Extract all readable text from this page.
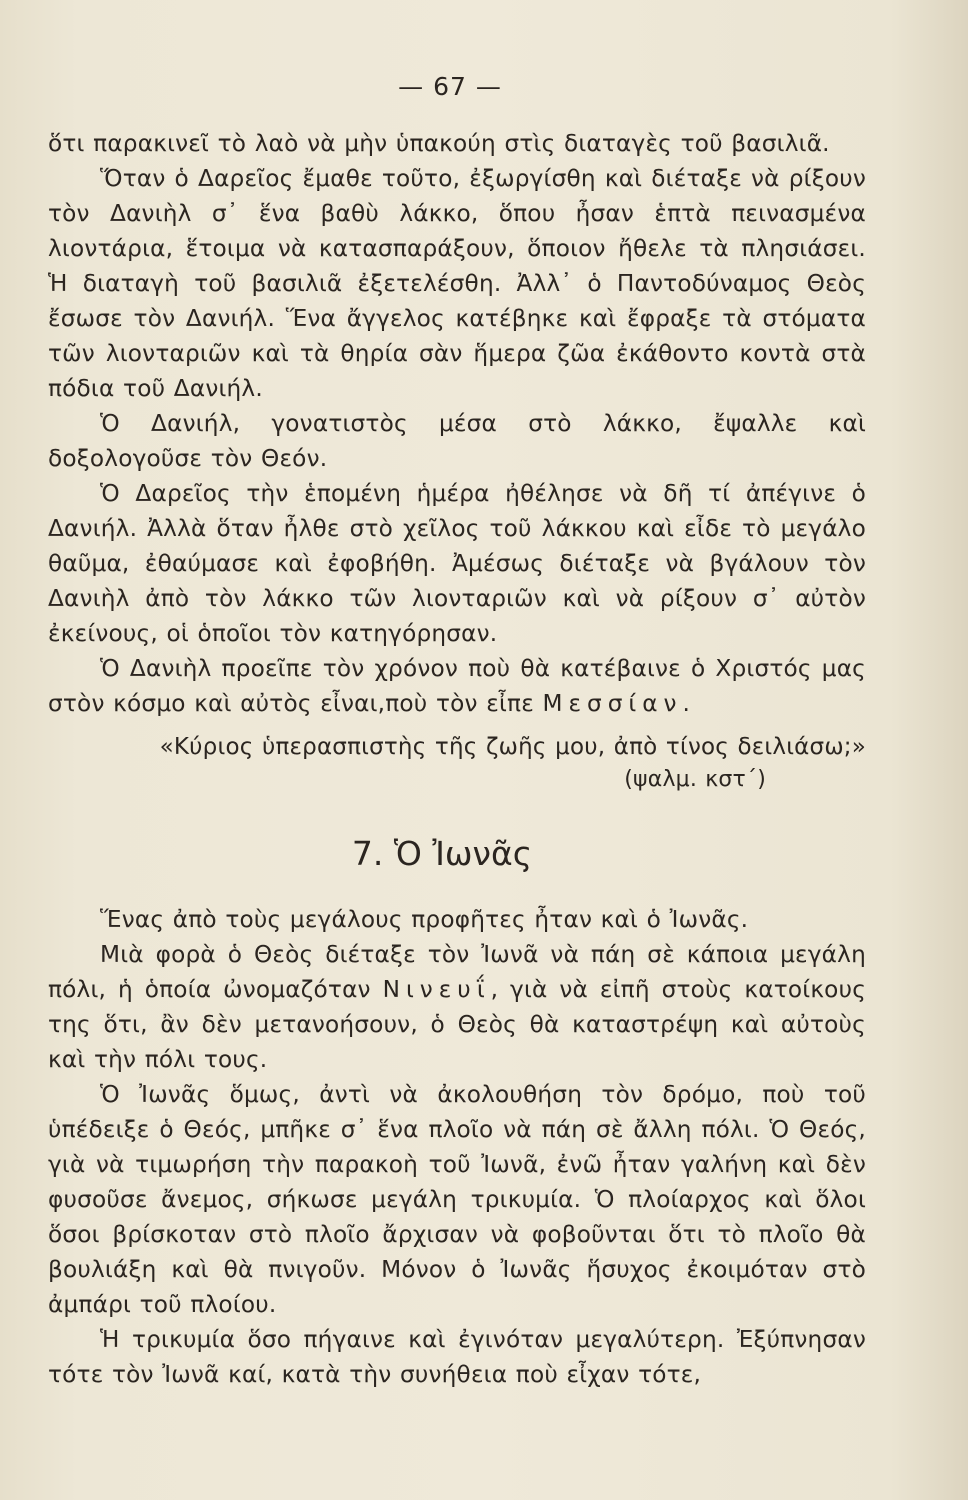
— 67 —

ὅτι παρακινεῖ τὸ λαὸ νὰ μὴν ὑπακούη στὶς διαταγὲς τοῦ βασιλιᾶ.

Ὅταν ὁ Δαρεῖος ἔμαθε τοῦτο, ἐξωργίσθη καὶ διέταξε νὰ ρίξουν τὸν Δανιὴλ σ᾽ ἕνα βαθὺ λάκκο, ὅπου ἦσαν ἑπτὰ πεινασμένα λιοντάρια, ἕτοιμα νὰ κατασπαράξουν, ὅποιον ἤθελε τὰ πλησιάσει. Ἡ διαταγὴ τοῦ βασιλιᾶ ἐξετελέσθη. Ἀλλ᾽ ὁ Παντοδύναμος Θεὸς ἔσωσε τὸν Δανιήλ. Ἕνα ἄγγελος κατέβηκε καὶ ἔφραξε τὰ στόματα τῶν λιονταριῶν καὶ τὰ θηρία σὰν ἥμερα ζῶα ἐκάθοντο κοντὰ στὰ πόδια τοῦ Δανιήλ.

Ὁ Δανιήλ, γονατιστὸς μέσα στὸ λάκκο, ἔψαλλε καὶ δοξολογοῦσε τὸν Θεόν.

Ὁ Δαρεῖος τὴν ἑπομένη ἡμέρα ἠθέλησε νὰ δῆ τί ἀπέγινε ὁ Δανιήλ. Ἀλλὰ ὅταν ἦλθε στὸ χεῖλος τοῦ λάκκου καὶ εἶδε τὸ μεγάλο θαῦμα, ἐθαύμασε καὶ ἐφοβήθη. Ἀμέσως διέταξε νὰ βγάλουν τὸν Δανιὴλ ἀπὸ τὸν λάκκο τῶν λιονταριῶν καὶ νὰ ρίξουν σ᾽ αὐτὸν ἐκείνους, οἱ ὁποῖοι τὸν κατηγόρησαν.

Ὁ Δανιὴλ προεῖπε τὸν χρόνον ποὺ θὰ κατέβαινε ὁ Χριστός μας στὸν κόσμο καὶ αὐτὸς εἶναι,ποὺ τὸν εἶπε Μεσσίαν.

«Κύριος ὑπερασπιστὴς τῆς ζωῆς μου, ἀπὸ τίνος δειλιάσω;»

(ψαλμ. κστ΄)

7. Ὁ Ἰωνᾶς

Ἕνας ἀπὸ τοὺς μεγάλους προφῆτες ἦταν καὶ ὁ Ἰωνᾶς.

Μιὰ φορὰ ὁ Θεὸς διέταξε τὸν Ἰωνᾶ νὰ πάη σὲ κάποια μεγάλη πόλι, ἡ ὁποία ὠνομαζόταν Νινευΐ, γιὰ νὰ εἰπῆ στοὺς κατοίκους της ὅτι, ἂν δὲν μετανοήσουν, ὁ Θεὸς θὰ καταστρέψη καὶ αὐτοὺς καὶ τὴν πόλι τους.

Ὁ Ἰωνᾶς ὅμως, ἀντὶ νὰ ἀκολουθήση τὸν δρόμο, ποὺ τοῦ ὑπέδειξε ὁ Θεός, μπῆκε σ᾽ ἕνα πλοῖο νὰ πάη σὲ ἄλλη πόλι. Ὁ Θεός, γιὰ νὰ τιμωρήση τὴν παρακοὴ τοῦ Ἰωνᾶ, ἐνῶ ἦταν γαλήνη καὶ δὲν φυσοῦσε ἄνεμος, σήκωσε μεγάλη τρικυμία. Ὁ πλοίαρχος καὶ ὅλοι ὅσοι βρίσκοταν στὸ πλοῖο ἄρχισαν νὰ φοβοῦνται ὅτι τὸ πλοῖο θὰ βουλιάξη καὶ θὰ πνιγοῦν. Μόνον ὁ Ἰωνᾶς ἥσυχος ἐκοιμόταν στὸ ἀμπάρι τοῦ πλοίου.

Ἡ τρικυμία ὅσο πήγαινε καὶ ἐγινόταν μεγαλύτερη. Ἐξύπνησαν τότε τὸν Ἰωνᾶ καί, κατὰ τὴν συνήθεια ποὺ εἶχαν τότε,
